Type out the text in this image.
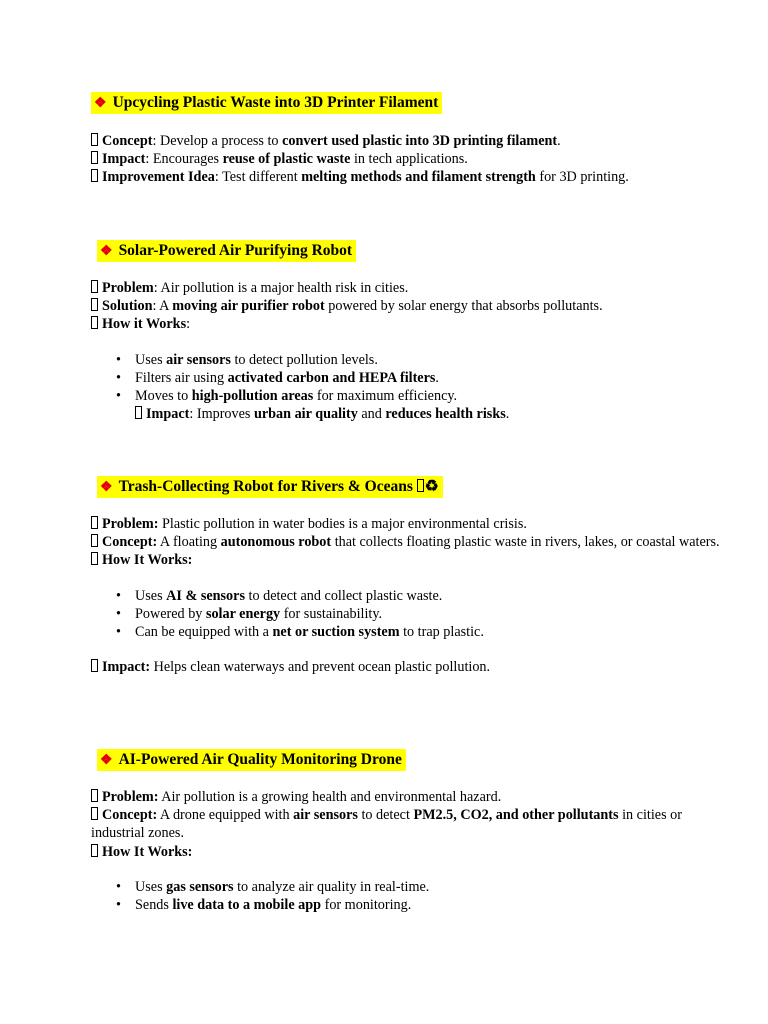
❖ Upcycling Plastic Waste into 3D Printer Filament
Concept: Develop a process to convert used plastic into 3D printing filament.
Impact: Encourages reuse of plastic waste in tech applications.
Improvement Idea: Test different melting methods and filament strength for 3D printing.
❖ Solar-Powered Air Purifying Robot
Problem: Air pollution is a major health risk in cities.
Solution: A moving air purifier robot powered by solar energy that absorbs pollutants.
How it Works:
• Uses air sensors to detect pollution levels.
• Filters air using activated carbon and HEPA filters.
• Moves to high-pollution areas for maximum efficiency.
Impact: Improves urban air quality and reduces health risks.
❖ Trash-Collecting Robot for Rivers & Oceans ♻
Problem: Plastic pollution in water bodies is a major environmental crisis.
Concept: A floating autonomous robot that collects floating plastic waste in rivers, lakes, or coastal waters.
How It Works:
• Uses AI & sensors to detect and collect plastic waste.
• Powered by solar energy for sustainability.
• Can be equipped with a net or suction system to trap plastic.
Impact: Helps clean waterways and prevent ocean plastic pollution.
❖ AI-Powered Air Quality Monitoring Drone
Problem: Air pollution is a growing health and environmental hazard.
Concept: A drone equipped with air sensors to detect PM2.5, CO2, and other pollutants in cities or industrial zones.
How It Works:
• Uses gas sensors to analyze air quality in real-time.
• Sends live data to a mobile app for monitoring.
